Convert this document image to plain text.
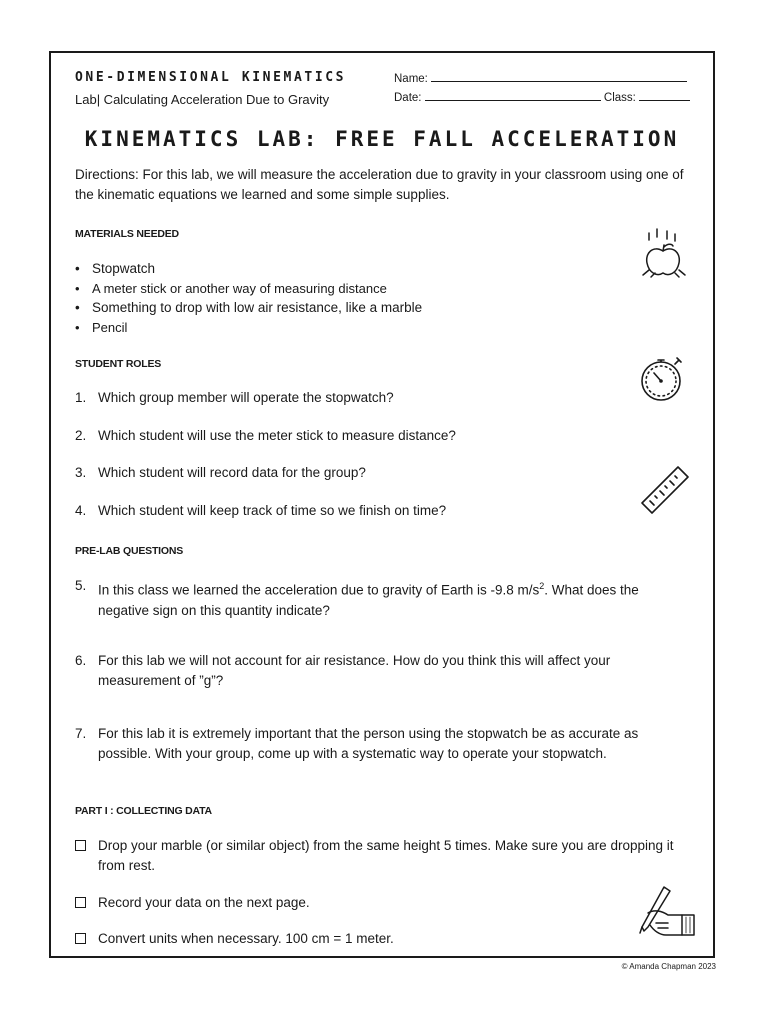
ONE-DIMENSIONAL KINEMATICS
Lab| Calculating Acceleration Due to Gravity
Name:
Date:	Class:
KINEMATICS LAB: FREE FALL ACCELERATION
Directions: For this lab, we will measure the acceleration due to gravity in your classroom using one of the kinematic equations we learned and some simple supplies.
MATERIALS NEEDED
• Stopwatch
• A meter stick or another way of measuring distance
• Something to drop with low air resistance, like a marble
• Pencil
STUDENT ROLES
1. Which group member will operate the stopwatch?
2. Which student will use the meter stick to measure distance?
3. Which student will record data for the group?
4. Which student will keep track of time so we finish on time?
PRE-LAB QUESTIONS
5. In this class we learned the acceleration due to gravity of Earth is -9.8 $m/s^2$. What does the negative sign on this quantity indicate?
6. For this lab we will not account for air resistance. How do you think this will affect your measurement of ”g”?
7. For this lab it is extremely important that the person using the stopwatch be as accurate as possible. With your group, come up with a systematic way to operate your stopwatch.
PART I : COLLECTING DATA
Drop your marble (or similar object) from the same height 5 times. Make sure you are dropping it from rest.
Record your data on the next page.
Convert units when necessary. 100 cm = 1 meter.
© Amanda Chapman 2023
